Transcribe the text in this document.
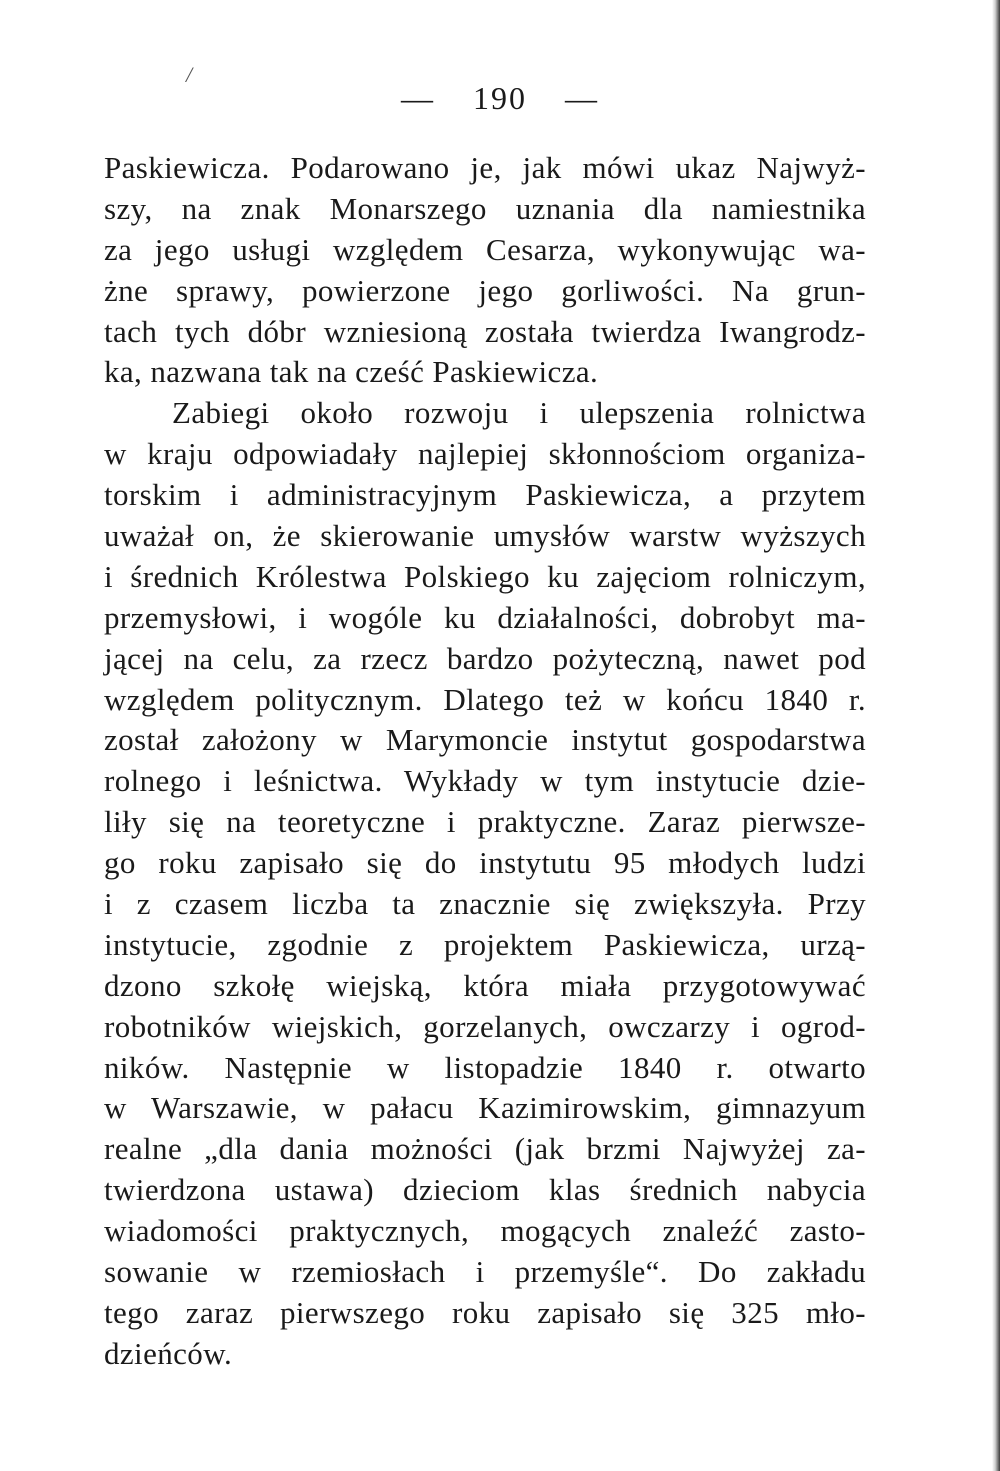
/
— 190 —
Paskiewicza. Podarowano je, jak mówi ukaz Najwyż-
szy, na znak Monarszego uznania dla namiestnika
za jego usługi względem Cesarza, wykonywując wa-
żne sprawy, powierzone jego gorliwości. Na grun-
tach tych dóbr wzniesioną została twierdza Iwangrodz-
ka, nazwana tak na cześć Paskiewicza.
Zabiegi około rozwoju i ulepszenia rolnictwa
w kraju odpowiadały najlepiej skłonnościom organiza-
torskim i administracyjnym Paskiewicza, a przytem
uważał on, że skierowanie umysłów warstw wyższych
i średnich Królestwa Polskiego ku zajęciom rolniczym,
przemysłowi, i wogóle ku działalności, dobrobyt ma-
jącej na celu, za rzecz bardzo pożyteczną, nawet pod
względem politycznym. Dlatego też w końcu 1840 r.
został założony w Marymoncie instytut gospodarstwa
rolnego i leśnictwa. Wykłady w tym instytucie dzie-
liły się na teoretyczne i praktyczne. Zaraz pierwsze-
go roku zapisało się do instytutu 95 młodych ludzi
i z czasem liczba ta znacznie się zwiększyła. Przy
instytucie, zgodnie z projektem Paskiewicza, urzą-
dzono szkołę wiejską, która miała przygotowywać
robotników wiejskich, gorzelanych, owczarzy i ogrod-
ników. Następnie w listopadzie 1840 r. otwarto
w Warszawie, w pałacu Kazimirowskim, gimnazyum
realne „dla dania możności (jak brzmi Najwyżej za-
twierdzona ustawa) dzieciom klas średnich nabycia
wiadomości praktycznych, mogących znaleźć zasto-
sowanie w rzemiosłach i przemyśle“. Do zakładu
tego zaraz pierwszego roku zapisało się 325 mło-
dzieńców.
